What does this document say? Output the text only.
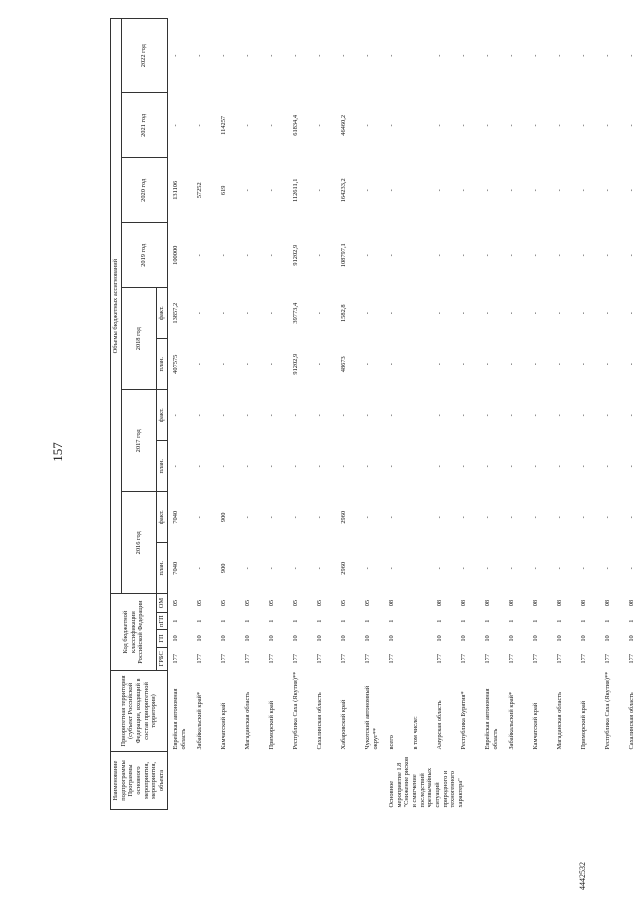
157
4442532
Наименование подпрограммы Программы основного мероприятия, мероприятия, объекта	Приоритетная территория (субъект Российской Федерации, входящий в состав приоритетной территории)	Код бюджетной классификации Российской Федерации				Объемы бюджетных ассигнований									
						2016 год		2017 год		2018 год		2019 год	2020 год	2021 год	2022 год
		ГРБС	ГП	пГП	ОМ	план.	факт.	план.	факт.	план.	факт.				
	Еврейская автономная область	177	10	1	05	7040	7040	-	-	407575	13857,2	100000	131106	-	-
	Забайкальский край*	177	10	1	05	-	-	-	-	-	-	-	57252	-	-
	Камчатский край	177	10	1	05	900	900	-	-	-	-	-	619	114257	-
	Магаданская область	177	10	1	05	-	-	-	-	-	-	-	-	-	-
	Приморский край	177	10	1	05	-	-	-	-	-	-	-	-	-	-
	Республика Саха (Якутия)**	177	10	1	05	-	-	-	-	91202,9	39773,4	91202,9	112611,1	61834,4	-
	Сахалинская область	177	10	1	05	-	-	-	-	-	-	-	-	-	-
	Хабаровский край	177	10	1	05	2960	2960	-	-	48673	1582,8	108797,1	164233,2	46460,2	-
	Чукотский автономный округ**	177	10	1	05	-	-	-	-	-	-	-	-	-	-
Основное мероприятие 1.8 "Снижение рисков и смягчение последствий чрезвычайных ситуаций природного и техногенного характера"	всего	177	10	1	08	-	-	-	-	-	-	-	-	-	-
	в том числе:														
	Амурская область	177	10	1	08	-	-	-	-	-	-	-	-	-	-
	Республика Бурятия*	177	10	1	08	-	-	-	-	-	-	-	-	-	-
	Еврейская автономная область	177	10	1	08	-	-	-	-	-	-	-	-	-	-
	Забайкальский край*	177	10	1	08	-	-	-	-	-	-	-	-	-	-
	Камчатский край	177	10	1	08	-	-	-	-	-	-	-	-	-	-
	Магаданская область	177	10	1	08	-	-	-	-	-	-	-	-	-	-
	Приморский край	177	10	1	08	-	-	-	-	-	-	-	-	-	-
	Республика Саха (Якутия)**	177	10	1	08	-	-	-	-	-	-	-	-	-	-
	Сахалинская область	177	10	1	08	-	-	-	-	-	-	-	-	-	-
